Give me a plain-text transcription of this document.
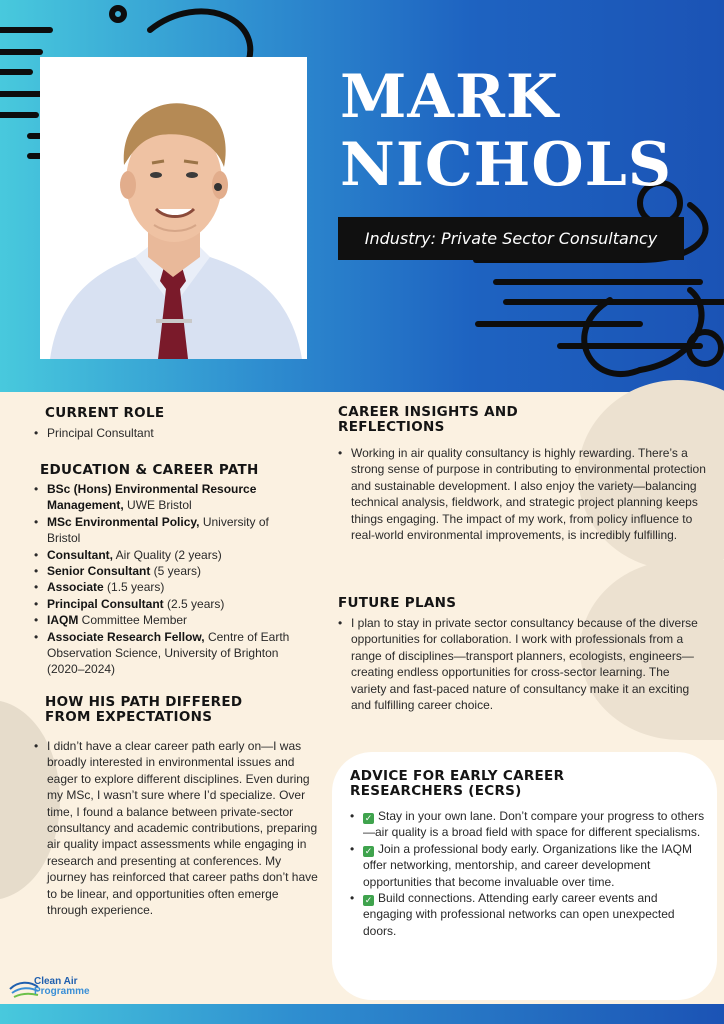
MARK
NICHOLS
Industry: Private Sector Consultancy
CURRENT ROLE
• Principal Consultant
EDUCATION & CAREER PATH
• BSc (Hons) Environmental Resource Management, UWE Bristol
• MSc Environmental Policy, University of Bristol
• Consultant, Air Quality (2 years)
• Senior Consultant (5 years)
• Associate (1.5 years)
• Principal Consultant (2.5 years)
• IAQM Committee Member
• Associate Research Fellow, Centre of Earth Observation Science, University of Brighton (2020–2024)
HOW HIS PATH DIFFERED
FROM EXPECTATIONS
• I didn’t have a clear career path early on—I was broadly interested in environmental issues and eager to explore different disciplines. Even during my MSc, I wasn’t sure where I’d specialize. Over time, I found a balance between private-sector consultancy and academic contributions, preparing air quality impact assessments while engaging in research and presenting at conferences. My journey has reinforced that career paths don’t have to be linear, and opportunities often emerge through experience.
CAREER INSIGHTS AND
REFLECTIONS
• Working in air quality consultancy is highly rewarding. There’s a strong sense of purpose in contributing to environmental protection and sustainable development. I also enjoy the variety—balancing technical analysis, fieldwork, and strategic project planning keeps things engaging. The impact of my work, from policy influence to real-world environmental improvements, is incredibly fulfilling.
FUTURE PLANS
• I plan to stay in private sector consultancy because of the diverse opportunities for collaboration. I work with professionals from a range of disciplines—transport planners, ecologists, engineers—creating endless opportunities for cross-sector learning. The variety and fast-paced nature of consultancy make it an exciting and fulfilling career choice.
ADVICE FOR EARLY CAREER
RESEARCHERS (ECRS)
• ✓ Stay in your own lane. Don’t compare your progress to others—air quality is a broad field with space for different specialisms.
• ✓ Join a professional body early. Organizations like the IAQM offer networking, mentorship, and career development opportunities that become invaluable over time.
• ✓ Build connections. Attending early career events and engaging with professional networks can open unexpected doors.
Clean Air
Programme
